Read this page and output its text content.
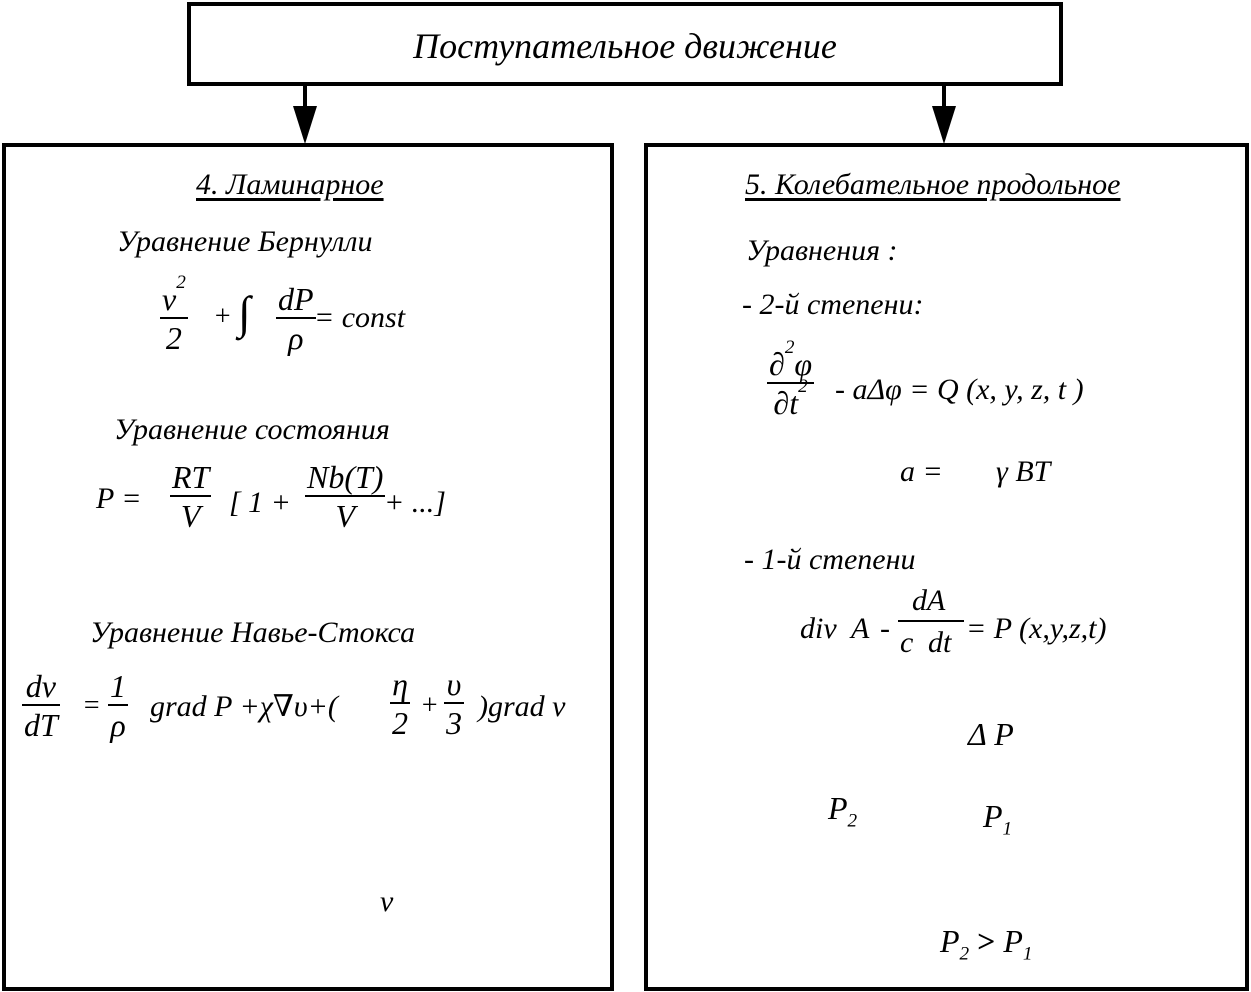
Поступательное движение
4. Ламинарное
Уравнение Бернулли
$v^2$
2
+ ∫ dP
ρ
= const
Уравнение состояния
P =
RT
V [ 1 +
Nb(T)
V + ...]
Уравнение Навье-Стокса
dv
dT
=
1
ρ
grad P +χ∇υ+(
η
2 +
υ
3 )grad v
v
5. Колебательное продольное
Уравнения :
- 2-й степени:
∂$^2$φ
$\partial t^2 - a\Delta\varphi = Q$ (x, y, z, t )
a = γ BT
- 1-й степени
div A -
dA
c dt = P (x,y,z,t)
Δ P
$P_2$	$P_1$
$P_2 > P_1$
